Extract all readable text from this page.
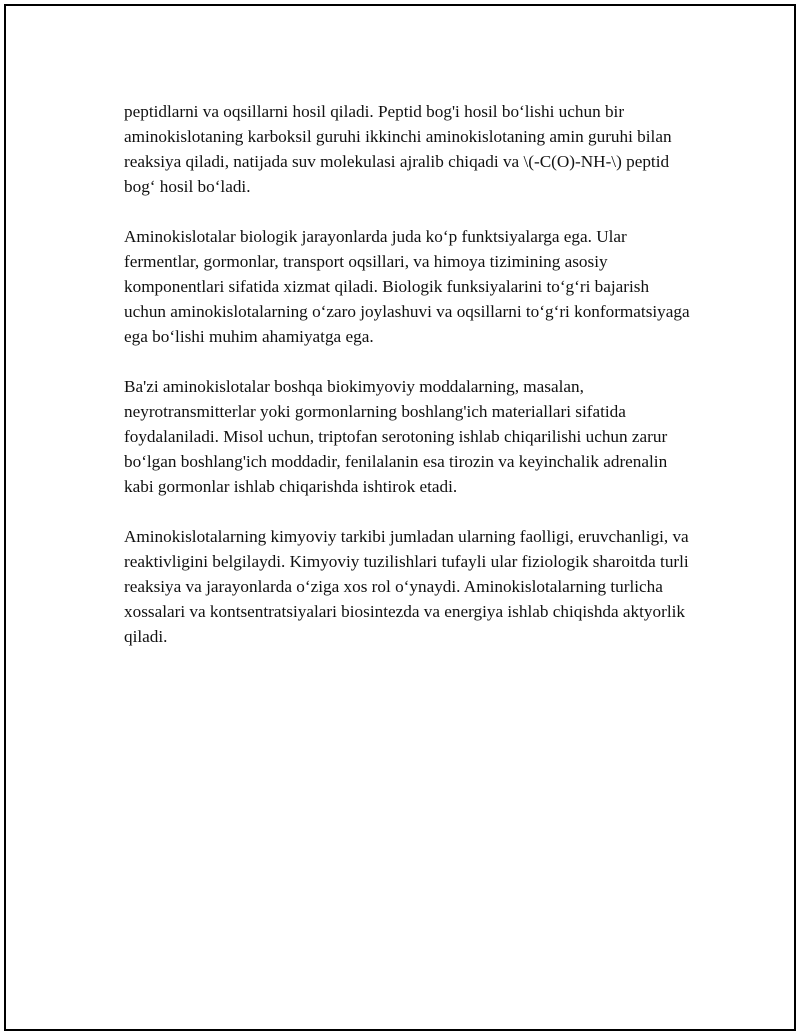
peptidlarni va oqsillarni hosil qiladi. Peptid bog'i hosil bo‘lishi uchun bir aminokislotaning karboksil guruhi ikkinchi aminokislotaning amin guruhi bilan reaksiya qiladi, natijada suv molekulasi ajralib chiqadi va \(-C(O)-NH-\) peptid bog‘ hosil bo‘ladi.

Aminokislotalar biologik jarayonlarda juda ko‘p funktsiyalarga ega. Ular fermentlar, gormonlar, transport oqsillari, va himoya tizimining asosiy komponentlari sifatida xizmat qiladi. Biologik funksiyalarini to‘g‘ri bajarish uchun aminokislotalarning o‘zaro joylashuvi va oqsillarni to‘g‘ri konformatsiyaga ega bo‘lishi muhim ahamiyatga ega.

Ba'zi aminokislotalar boshqa biokimyoviy moddalarning, masalan, neyrotransmitterlar yoki gormonlarning boshlang'ich materiallari sifatida foydalaniladi. Misol uchun, triptofan serotoning ishlab chiqarilishi uchun zarur bo‘lgan boshlang'ich moddadir, fenilalanin esa tirozin va keyinchalik adrenalin kabi gormonlar ishlab chiqarishda ishtirok etadi.

Aminokislotalarning kimyoviy tarkibi jumladan ularning faolligi, eruvchanligi, va reaktivligini belgilaydi. Kimyoviy tuzilishlari tufayli ular fiziologik sharoitda turli reaksiya va jarayonlarda o‘ziga xos rol o‘ynaydi. Aminokislotalarning turlicha xossalari va kontsentratsiyalari biosintezda va energiya ishlab chiqishda aktyorlik qiladi.
